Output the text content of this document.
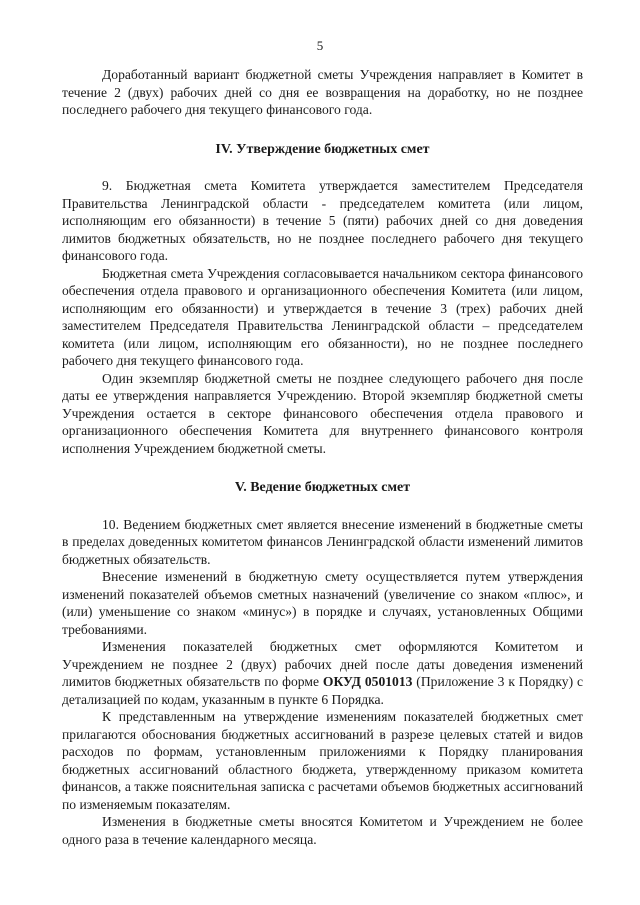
5

Доработанный вариант бюджетной сметы Учреждения направляет в Комитет в течение 2 (двух) рабочих дней со дня ее возвращения на доработку, но не позднее последнего рабочего дня текущего финансового года.

IV. Утверждение бюджетных смет

9. Бюджетная смета Комитета утверждается заместителем Председателя Правительства Ленинградской области - председателем комитета (или лицом, исполняющим его обязанности) в течение 5 (пяти) рабочих дней со дня доведения лимитов бюджетных обязательств, но не позднее последнего рабочего дня текущего финансового года.

Бюджетная смета Учреждения согласовывается начальником сектора финансового обеспечения отдела правового и организационного обеспечения Комитета (или лицом, исполняющим его обязанности) и утверждается в течение 3 (трех) рабочих дней заместителем Председателя Правительства Ленинградской области – председателем комитета (или лицом, исполняющим его обязанности), но не позднее последнего рабочего дня текущего финансового года.

Один экземпляр бюджетной сметы не позднее следующего рабочего дня после даты ее утверждения направляется Учреждению. Второй экземпляр бюджетной сметы Учреждения остается в секторе финансового обеспечения отдела правового и организационного обеспечения Комитета для внутреннего финансового контроля исполнения Учреждением бюджетной сметы.

V. Ведение бюджетных смет

10. Ведением бюджетных смет является внесение изменений в бюджетные сметы в пределах доведенных комитетом финансов Ленинградской области изменений лимитов бюджетных обязательств.

Внесение изменений в бюджетную смету осуществляется путем утверждения изменений показателей объемов сметных назначений (увеличение со знаком «плюс», и (или) уменьшение со знаком «минус») в порядке и случаях, установленных Общими требованиями.

Изменения показателей бюджетных смет оформляются Комитетом и Учреждением не позднее 2 (двух) рабочих дней после даты доведения изменений лимитов бюджетных обязательств по форме ОКУД 0501013 (Приложение 3 к Порядку) с детализацией по кодам, указанным в пункте 6 Порядка.

К представленным на утверждение изменениям показателей бюджетных смет прилагаются обоснования бюджетных ассигнований в разрезе целевых статей и видов расходов по формам, установленным приложениями к Порядку планирования бюджетных ассигнований областного бюджета, утвержденному приказом комитета финансов, а также пояснительная записка с расчетами объемов бюджетных ассигнований по изменяемым показателям.

Изменения в бюджетные сметы вносятся Комитетом и Учреждением не более одного раза в течение календарного месяца.
